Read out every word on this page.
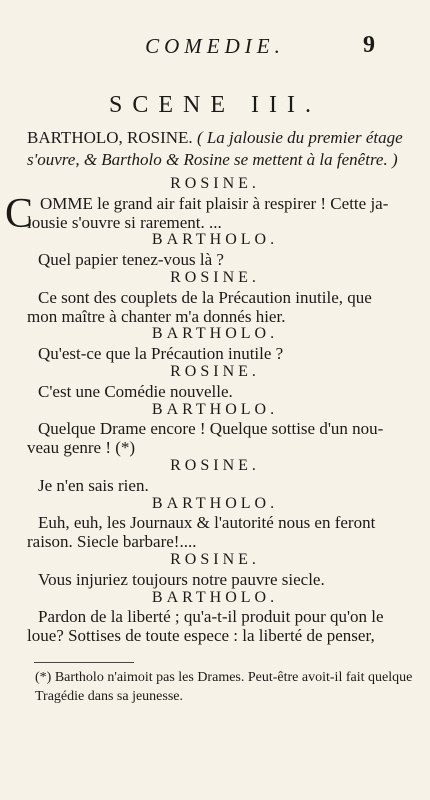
COMEDIE.	9
SCENE III.
BARTHOLO, ROSINE. ( La jalousie du premier étage s'ouvre, & Bartholo & Rosine se mettent à la fenêtre. )
C
ROSINE.
OMME le grand air fait plaisir à respirer ! Cette ja-
lousie s'ouvre si rarement. ...
BARTHOLO.
Quel papier tenez-vous là ?
ROSINE.
Ce sont des couplets de la Précaution inutile, que
mon maître à chanter m'a donnés hier.
BARTHOLO.
Qu'est-ce que la Précaution inutile ?
ROSINE.
C'est une Comédie nouvelle.
BARTHOLO.
Quelque Drame encore ! Quelque sottise d'un nou-
veau genre ! (*)
ROSINE.
Je n'en sais rien.
BARTHOLO.
Euh, euh, les Journaux & l'autorité nous en feront
raison. Siecle barbare!....
ROSINE.
Vous injuriez toujours notre pauvre siecle.
BARTHOLO.
Pardon de la liberté ; qu'a-t-il produit pour qu'on le
loue? Sottises de toute espece : la liberté de penser,
(*) Bartholo n'aimoit pas les Drames. Peut-être avoit-il fait quelque Tragédie dans sa jeunesse.
